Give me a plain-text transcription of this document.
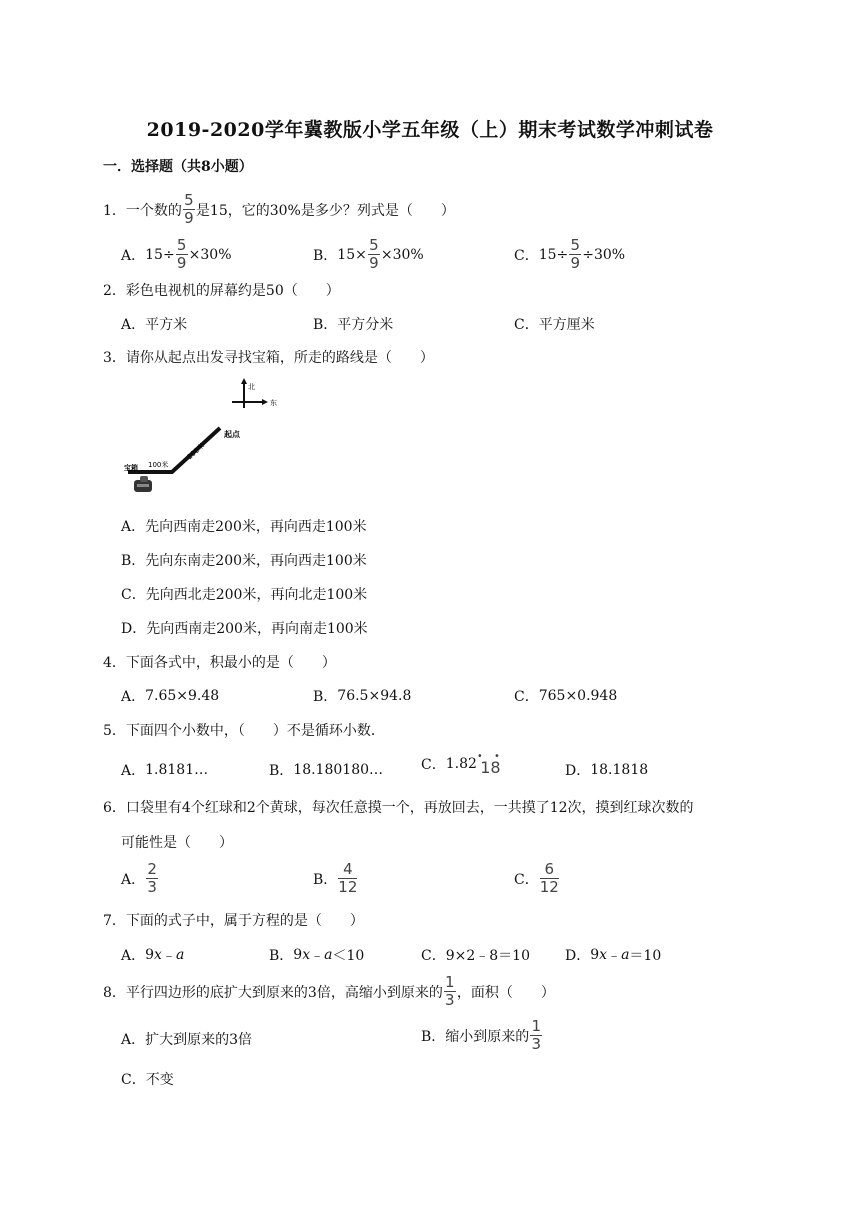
2019-2020学年冀教版小学五年级（上）期末考试数学冲刺试卷
一．选择题（共8小题）
1． 一个数的 $\frac{5}{9}$ 是15，它的30%是多少？列式是（　　）
A． $15\div \frac{5}{9} \times 30\%$	B． $15\times \frac{5}{9} \times 30\%$	C． $15\div \frac{5}{9} \div 30\%$
2． 彩色电视机的屏幕约是50（　　）
A． 平方米	B． 平方分米	C． 平方厘米
3． 请你从起点出发寻找宝箱，所走的路线是（　　）
北
东
起点
200米
100米
宝箱
A． 先向西南走200米，再向西走100米
B． 先向东南走200米，再向西走100米
C． 先向西北走200米，再向北走100米
D． 先向西南走200米，再向南走100米
4． 下面各式中，积最小的是（　　）
A． 7.65×9.48	B． 76.5×94.8	C． 765×0.948
5． 下面四个小数中，（　　）不是循环小数．
A． 1.8181…	B． 18.180180…	C． 1.82 • •
18	D． 18.1818
6． 口袋里有4个红球和2个黄球，每次任意摸一个，再放回去，一共摸了12次，摸到红球次数的
可能性是（　　）
A． $\frac{2}{3}$	B． $\frac{4}{12}$	C． $\frac{6}{12}$
7． 下面的式子中，属于方程的是（　　）
A． 9 x ﹣ a	B． 9 x ﹣ a ＜10	C． 9×2﹣8＝10	D． 9 x ﹣ a ＝10
8． 平行四边形的底扩大到原来的3倍，高缩小到原来的 $\frac{1}{3}$ ，面积（　　）
A． 扩大到原来的3倍	B． 缩小到原来的 $\frac{1}{3}$
C． 不变
